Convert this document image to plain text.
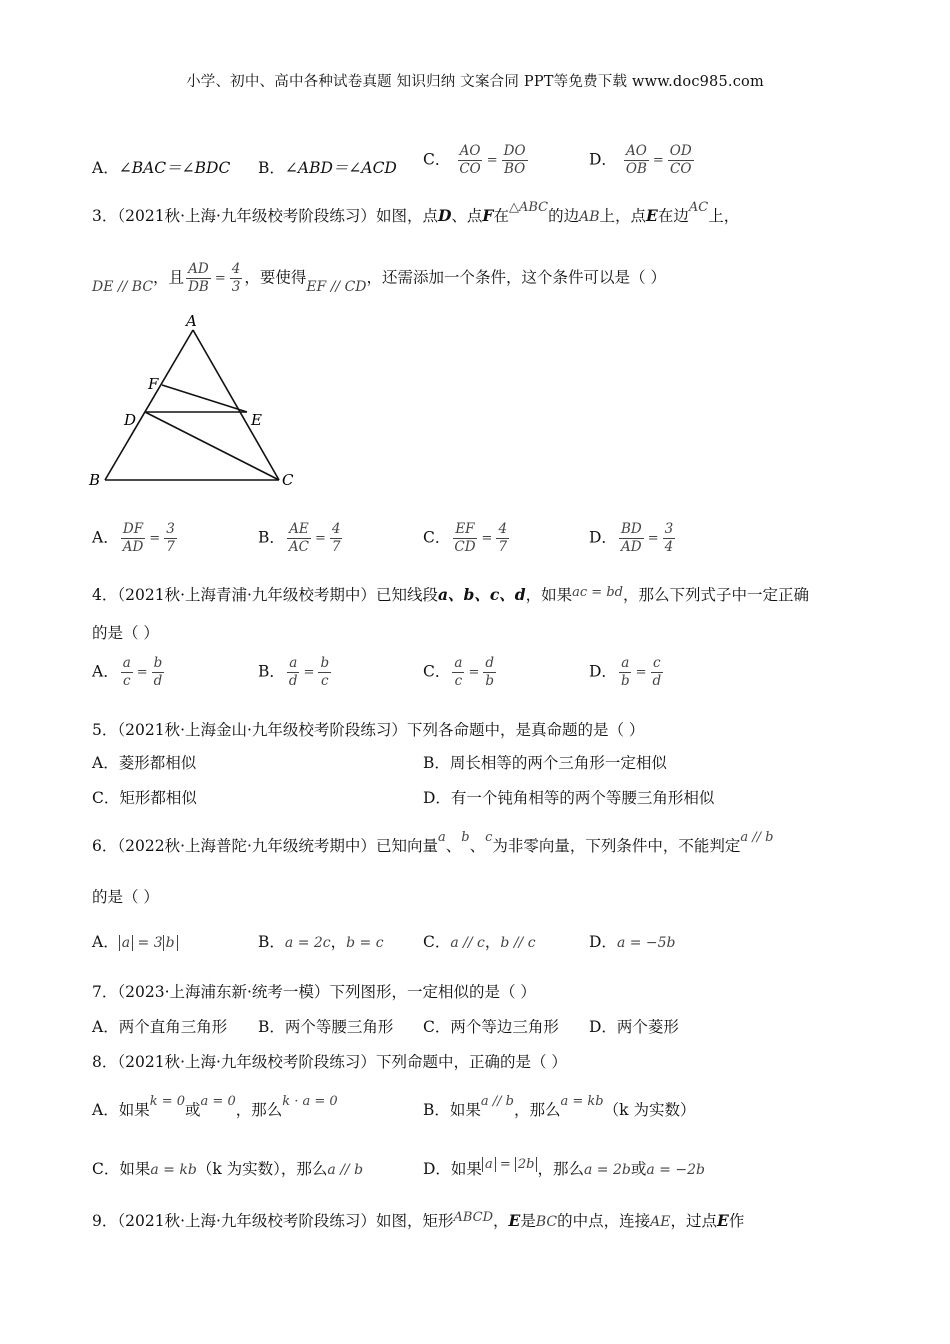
小学、初中、高中各种试卷真题 知识归纳 文案合同 PPT等免费下载 www.doc985.com
A．∠BAC＝∠BDC B．∠ABD＝∠ACD C． $\frac{AO}{CO} = \frac{DO}{BO}$	D． $\frac{AO}{OB} = \frac{OD}{CO}$
3．（2021秋·上海·九年级校考阶段练习）如图，点D、点F在$^{\triangle ABC}$的边AB上，点E在边$^{AC}$上，
DE // BC，且 $\frac{AD}{DB} = \frac{4}{3}$ ，要使得EF // CD，还需添加一个条件，这个条件可以是（ ）
A
B	C
D	E
F
A． $\frac{DF}{AD} = \frac{3}{7}$	B． $\frac{AE}{AC} = \frac{4}{7}$	C． $\frac{EF}{CD} = \frac{4}{7}$	D． $\frac{BD}{AD} = \frac{3}{4}$
4．（2021秋·上海青浦·九年级校考期中）已知线段a、b、c、d，如果$^{ac = bd}$，那么下列式子中一定正确
的是（ ）
A． $\frac{a}{c} = \frac{b}{d}$	B． $\frac{a}{d} = \frac{b}{c}$	C． $\frac{a}{c} = \frac{d}{b}$	D． $\frac{a}{b} = \frac{c}{d}$
5．（2021秋·上海金山·九年级校考阶段练习）下列各命题中，是真命题的是（ ）
A．菱形都相似	B．周长相等的两个三角形一定相似
C．矩形都相似	D．有一个钝角相等的两个等腰三角形相似
6．（2022秋·上海普陀·九年级统考期中）已知向量$^a$、$^b$、$^c$为非零向量，下列条件中，不能判定$^{a // b}$
的是（ ）
A． a = 3 b	B．a = 2c，b = c	C．a // c，b // c	D．a = −5b
7．（2023·上海浦东新·统考一模）下列图形，一定相似的是（ ）
A．两个直角三角形 B．两个等腰三角形 C．两个等边三角形 D．两个菱形
8．（2021秋·上海·九年级校考阶段练习）下列命题中，正确的是（ ）
A．如果$^{k = 0}$或$^{a = 0}$，那么$^{k \cdot a = 0}$	B．如果$^{a // b}$，那么$^{a = kb}$（k 为实数）
C．如果a = kb（k 为实数），那么a // b	D．如果 $^{a = 2b}$ ，那么a = 2b或a = −2b
9．（2021秋·上海·九年级校考阶段练习）如图，矩形$^{ABCD}$，E是BC的中点，连接AE，过点E作
